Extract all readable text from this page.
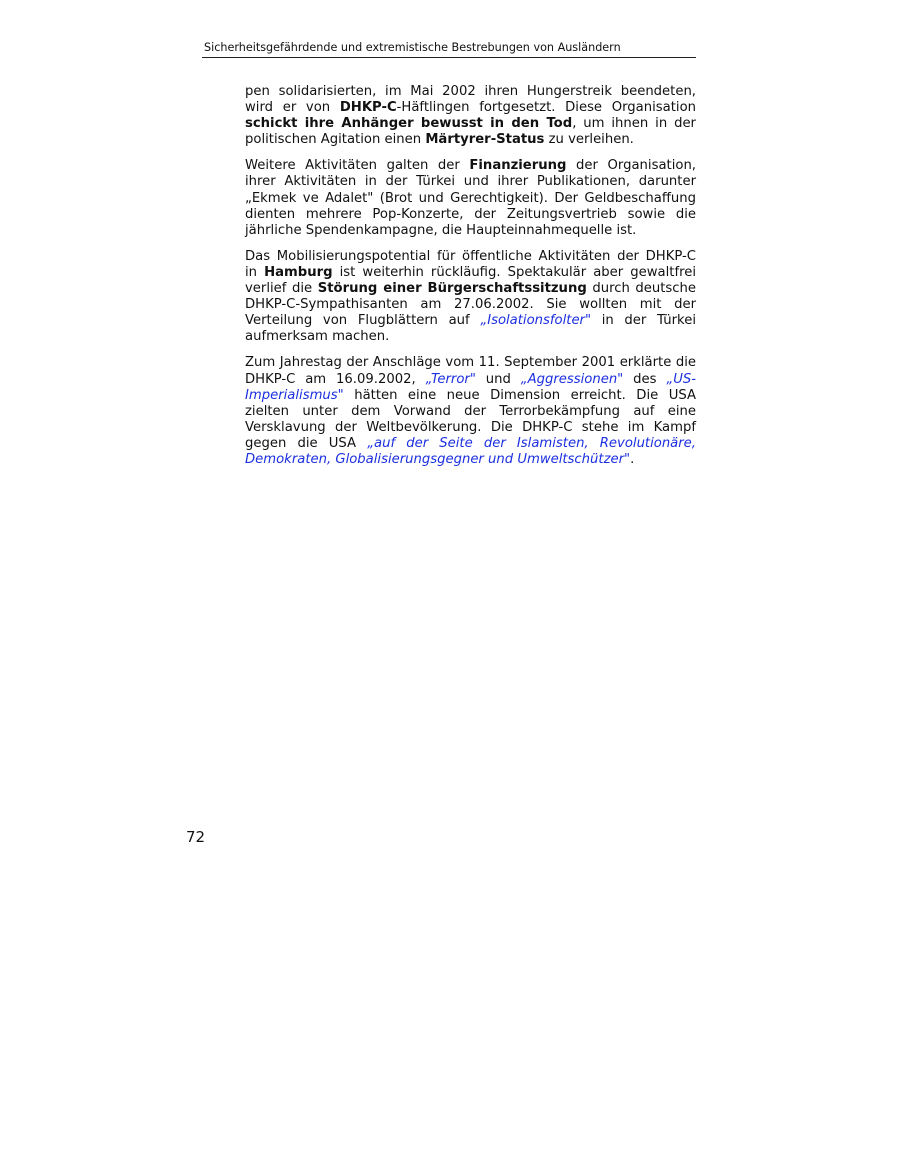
Sicherheitsgefährdende und extremistische Bestrebungen von Ausländern

pen solidarisierten, im Mai 2002 ihren Hungerstreik beendeten, wird er von DHKP-C-Häftlingen fortgesetzt. Diese Organisation schickt ihre Anhänger bewusst in den Tod, um ihnen in der politischen Agitation einen Märtyrer-Status zu verleihen.

Weitere Aktivitäten galten der Finanzierung der Organisation, ihrer Aktivitäten in der Türkei und ihrer Publikationen, darunter „Ekmek ve Adalet" (Brot und Gerechtigkeit). Der Geldbeschaffung dienten mehrere Pop-Konzerte, der Zeitungsvertrieb sowie die jährliche Spendenkampagne, die Haupteinnahmequelle ist.

Das Mobilisierungspotential für öffentliche Aktivitäten der DHKP-C in Hamburg ist weiterhin rückläufig. Spektakulär aber gewaltfrei verlief die Störung einer Bürgerschaftssitzung durch deutsche DHKP-C-Sympathisanten am 27.06.2002. Sie wollten mit der Verteilung von Flugblättern auf „Isolationsfolter" in der Türkei aufmerksam machen.

Zum Jahrestag der Anschläge vom 11. September 2001 erklärte die DHKP-C am 16.09.2002, „Terror" und „Aggressionen" des „US-Imperialismus" hätten eine neue Dimension erreicht. Die USA zielten unter dem Vorwand der Terrorbekämpfung auf eine Versklavung der Weltbevölkerung. Die DHKP-C stehe im Kampf gegen die USA „auf der Seite der Islamisten, Revolutionäre, Demokraten, Globalisierungsgegner und Umweltschützer".

72
